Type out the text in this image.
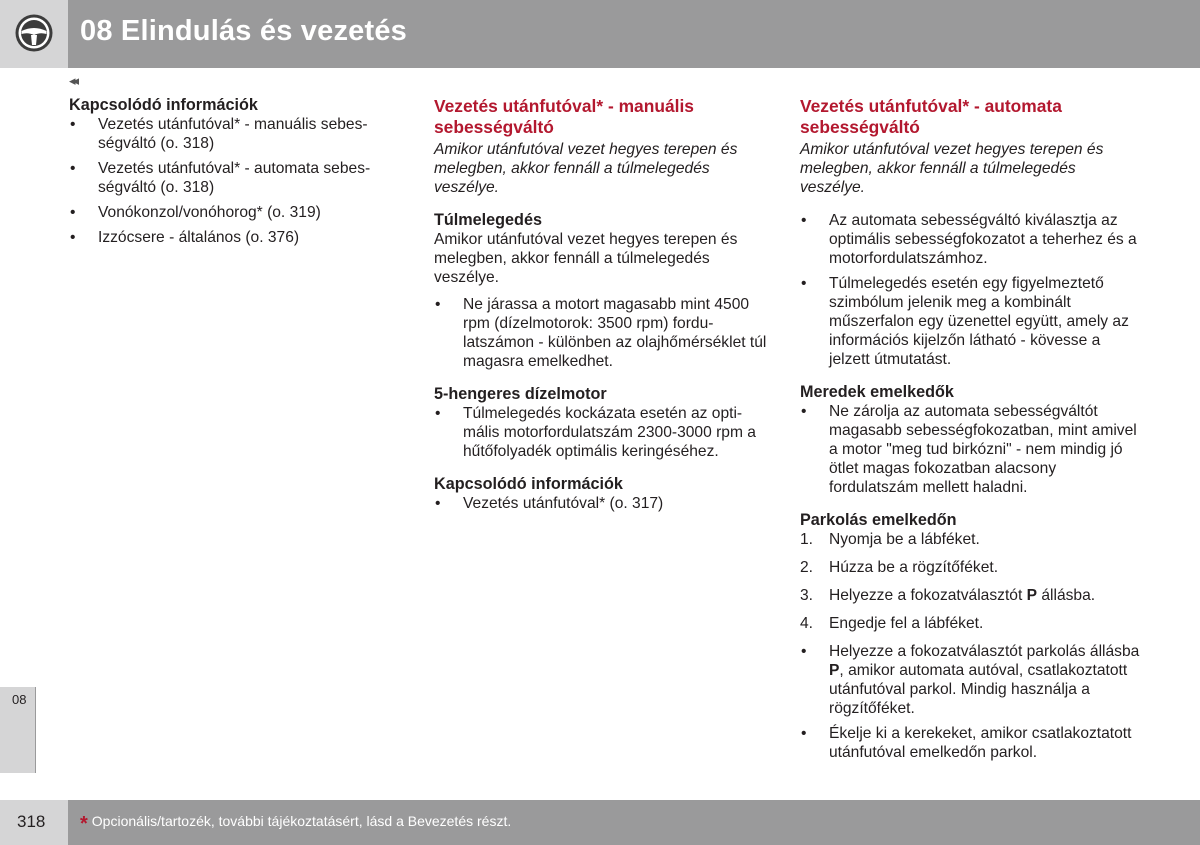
08 Elindulás és vezetés
◂◂
Kapcsolódó információk
• Vezetés utánfutóval* - manuális sebességváltó (o. 318)
• Vezetés utánfutóval* - automata sebességváltó (o. 318)
• Vonókonzol/vonóhorog* (o. 319)
• Izzócsere - általános (o. 376)
Vezetés utánfutóval* - manuális sebességváltó
Amikor utánfutóval vezet hegyes terepen és melegben, akkor fennáll a túlmelegedés veszélye.
Túlmelegedés
Amikor utánfutóval vezet hegyes terepen és melegben, akkor fennáll a túlmelegedés veszélye.
• Ne járassa a motort magasabb mint 4500 rpm (dízelmotorok: 3500 rpm) fordulatszámon - különben az olajhőmérséklet túl magasra emelkedhet.
5-hengeres dízelmotor
• Túlmelegedés kockázata esetén az optimális motorfordulatszám 2300-3000 rpm a hűtőfolyadék optimális keringéséhez.
Kapcsolódó információk
• Vezetés utánfutóval* (o. 317)
Vezetés utánfutóval* - automata sebességváltó
Amikor utánfutóval vezet hegyes terepen és melegben, akkor fennáll a túlmelegedés veszélye.
• Az automata sebességváltó kiválasztja az optimális sebességfokozatot a teherhez és a motorfordulatszámhoz.
• Túlmelegedés esetén egy figyelmeztető szimbólum jelenik meg a kombinált műszerfalon egy üzenettel együtt, amely az információs kijelzőn látható - kövesse a jelzett útmutatást.
Meredek emelkedők
• Ne zárolja az automata sebességváltót magasabb sebességfokozatban, mint amivel a motor "meg tud birkózni" - nem mindig jó ötlet magas fokozatban alacsony fordulatszám mellett haladni.
Parkolás emelkedőn
1. Nyomja be a lábféket.
2. Húzza be a rögzítőféket.
3. Helyezze a fokozatválasztót P állásba.
4. Engedje fel a lábféket.
• Helyezze a fokozatválasztót parkolás állásba P, amikor automata autóval, csatlakoztatott utánfutóval parkol. Mindig használja a rögzítőféket.
• Ékelje ki a kerekeket, amikor csatlakoztatott utánfutóval emelkedőn parkol.
08
318 * Opcionális/tartozék, további tájékoztatásért, lásd a Bevezetés részt.
